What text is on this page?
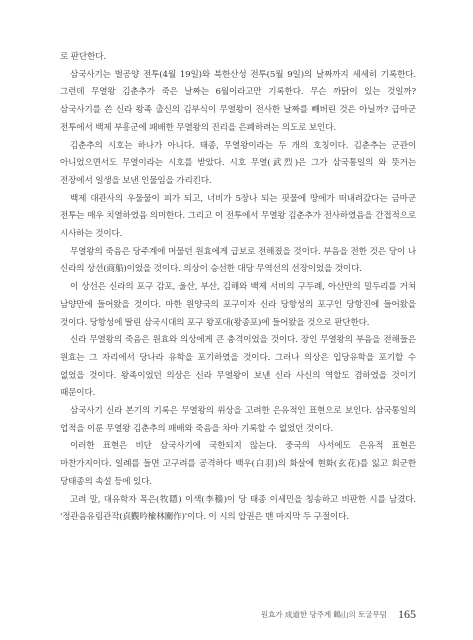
로 판단한다.

삼국사기는 벌공양 전투(4월 19일)와 북한산성 전투(5월 9일)의 날짜까지 세세히 기록한다. 그런데 무열왕 김춘추가 죽은 날짜는 6월이라고만 기록한다. 무슨 까닭이 있는 것일까? 삼국사기를 쓴 신라 왕족 출신의 김부식이 무열왕이 전사한 날짜를 빼버린 것은 아닐까? 급마군 전투에서 백제 부흥군에 패배한 무열왕의 진리을 은폐하려는 의도로 보인다.

김춘추의 시호는 하나가 아니다. 태종, 무열왕이라는 두 개의 호칭이다. 김춘추는 군관이 아니었으면서도 무열이라는 시호를 받았다. 시호 무열(武烈)은 그가 삼국통일의 와 뜻거는 전장에서 일생을 보낸 인물임을 가리킨다.

백제 대관사의 우물물이 피가 되고, 너비가 5장나 되는 핏물에 땅에가 떠내려갔다는 금마군 전투는 매우 치열하였음 의미한다. 그리고 이 전투에서 무열왕 김춘추가 전사하였음을 간접적으로 시사하는 것이다.

무열왕의 죽음은 당주계에 머물던 원효에게 급보로 전해졌을 것이다. 부음을 전한 것은 당이 나 신라의 상선(商船)이었을 것이다. 의상이 승선한 대당 무역선의 선장이었을 것이다.

이 상선은 신라의 포구 감포, 울산, 부산, 김해와 백제 서비의 구두례, 아산만의 밀두리를 거쳐 남양만에 들어왔을 것이다. 마한 원양국의 포구이자 신라 당항성의 포구인 당항진에 들어왔을 것이다. 당항성에 딸린 삼국시대의 포구 왕포대(왕종포)에 들어왔을 것으로 판단한다.

신라 무열왕의 죽음은 원효와 의상에게 큰 충격이었을 것이다. 장인 무열왕의 부음을 전해들은 원효는 그 자리에서 당나라 유학을 포기하였을 것이다. 그러나 의상은 입당유학을 포기할 수 없었을 것이다. 왕족이었던 의상은 신라 무열왕이 보낸 신라 사신의 역할도 겸하였을 것이기 때문이다.

삼국사기 신라 본기의 기록은 무열왕의 위상을 고려한 은유적인 표현으로 보인다. 삼국통일의 업적을 이룬 무열왕 김춘추의 패배와 죽음을 차마 기록할 수 없었던 것이다.

이러한 표현은 비단 삼국사기에 국한되지 않는다. 중국의 사서에도 은유적 표현은 마찬가지이다. 일례를 들면 고구려를 공격하다 백우(白羽)의 화살에 현화(玄花)를 잃고 회군한 당태종의 속설 등에 있다.

고려 말, 대유학자 목은(牧隱) 이색(李穡)이 당 태종 이세민을 칭송하고 비판한 시를 남겼다. '정관음유림관작(貞觀吟楡林關作)'이다. 이 시의 압권은 맨 마지막 두 구절이다.

원효가 成道한 당주계 鶴山의 토굴무덤 165
